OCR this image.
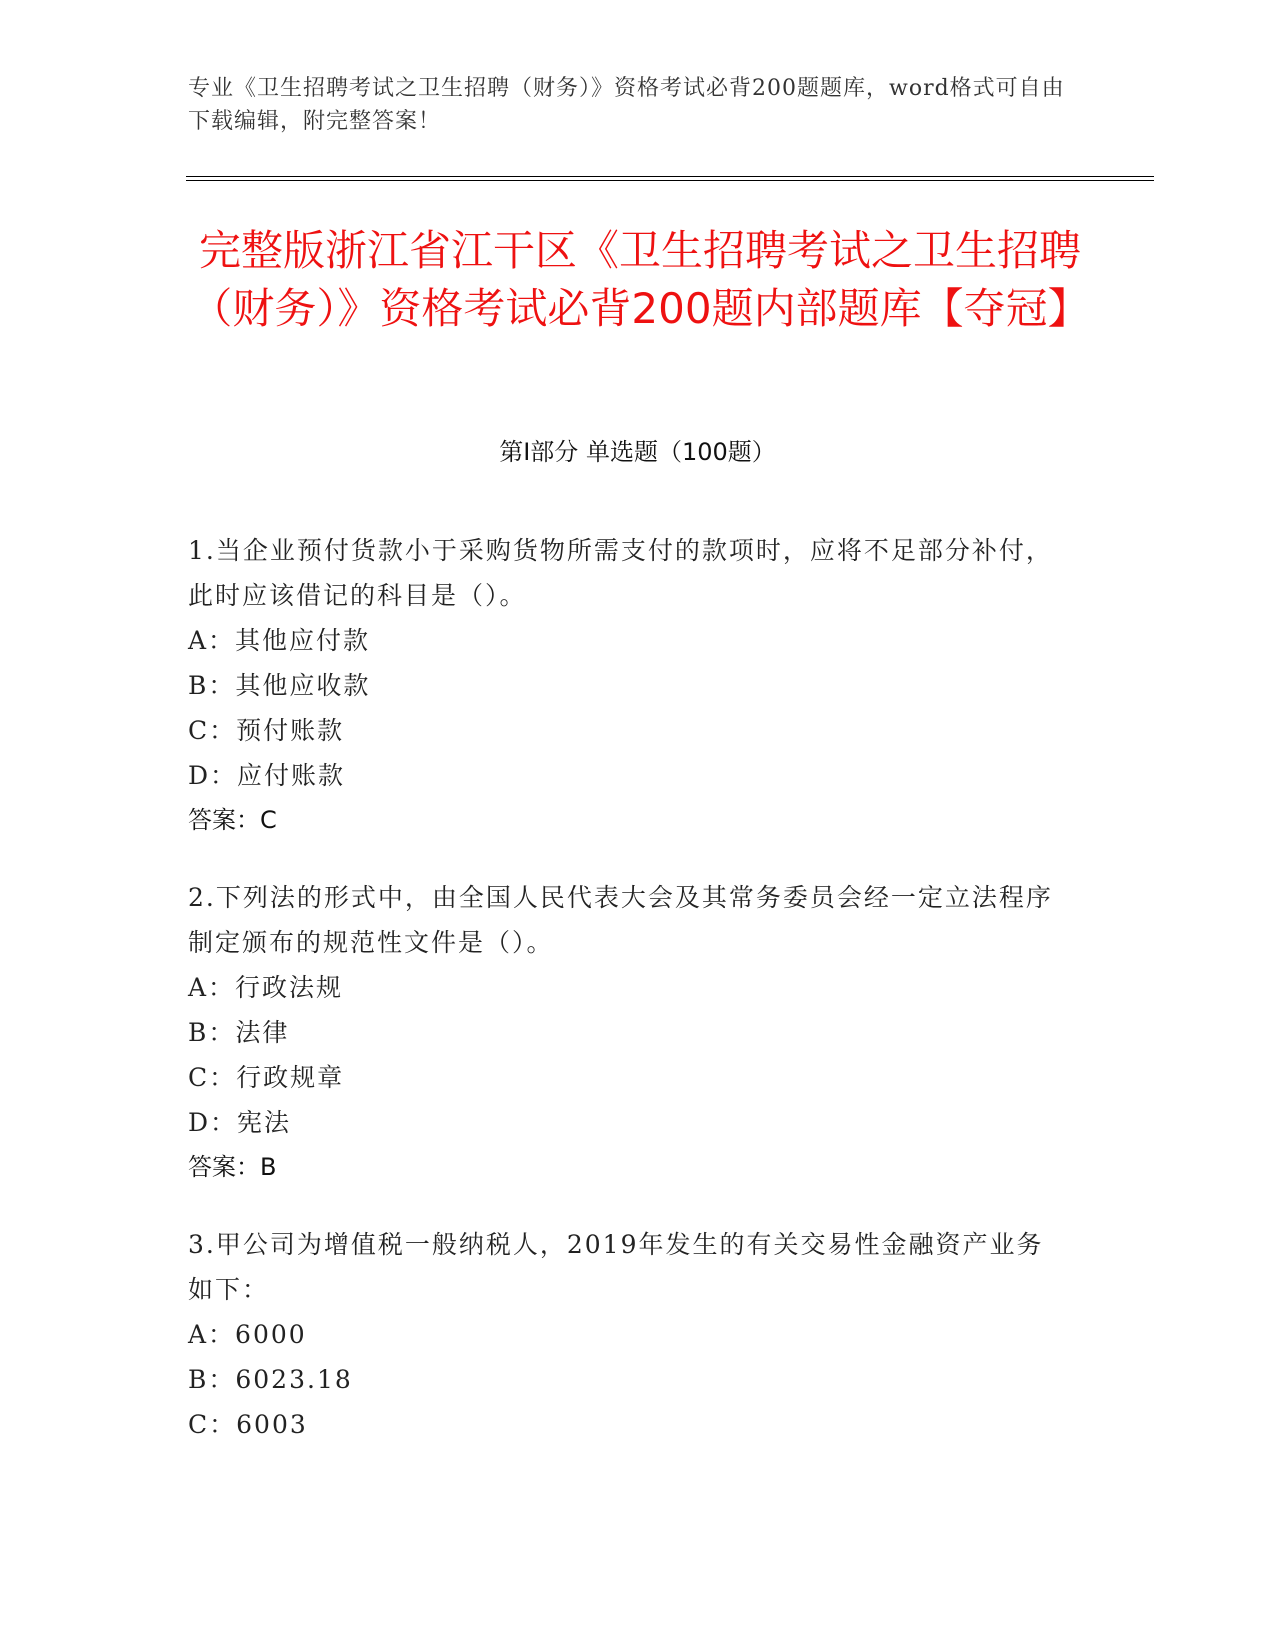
专业《卫生招聘考试之卫生招聘（财务）》资格考试必背200题题库，word格式可自由下载编辑，附完整答案！
完整版浙江省江干区《卫生招聘考试之卫生招聘（财务）》资格考试必背200题内部题库【夺冠】
第I部分 单选题（100题）
1.当企业预付货款小于采购货物所需支付的款项时，应将不足部分补付，此时应该借记的科目是（）。
A：其他应付款
B：其他应收款
C：预付账款
D：应付账款
答案：C
2.下列法的形式中，由全国人民代表大会及其常务委员会经一定立法程序制定颁布的规范性文件是（）。
A：行政法规
B：法律
C：行政规章
D：宪法
答案：B
3.甲公司为增值税一般纳税人，2019年发生的有关交易性金融资产业务如下：
A：6000
B：6023.18
C：6003
